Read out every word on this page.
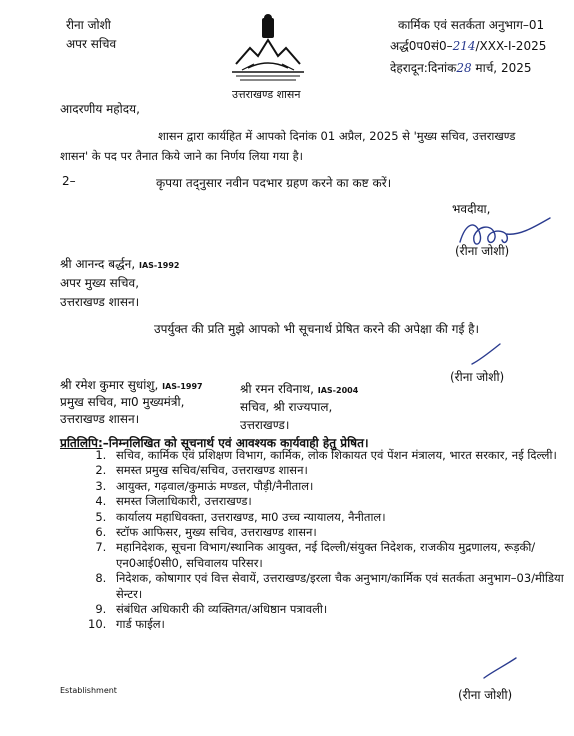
रीना जोशी
अपर सचिव
उत्तराखण्ड शासन
कार्मिक एवं सतर्कता अनुभाग–01
अर्द्ध0प0सं0–214/XXX-I-2025
देहरादून:दिनांक28 मार्च, 2025
आदरणीय महोदय,
शासन द्वारा कार्यहित में आपको दिनांक 01 अप्रैल, 2025 से 'मुख्य सचिव, उत्तराखण्ड शासन' के पद पर तैनात किये जाने का निर्णय लिया गया है।
2–	कृपया तद्नुसार नवीन पदभार ग्रहण करने का कष्ट करें।
भवदीया,
(रीना जोशी)
श्री आनन्द बर्द्धन, IAS-1992
अपर मुख्य सचिव,
उत्तराखण्ड शासन।
उपर्युक्त की प्रति मुझे आपको भी सूचनार्थ प्रेषित करने की अपेक्षा की गई है।
(रीना जोशी)
श्री रमेश कुमार सुधांशु, IAS-1997
प्रमुख सचिव, मा0 मुख्यमंत्री,
उत्तराखण्ड शासन।
श्री रमन रविनाथ, IAS-2004
सचिव, श्री राज्यपाल,
उत्तराखण्ड।
प्रतिलिपि:–निम्नलिखित को सूचनार्थ एवं आवश्यक कार्यवाही हेतु प्रेषित।
1. सचिव, कार्मिक एवं प्रशिक्षण विभाग, कार्मिक, लोक शिकायत एवं पेंशन मंत्रालय, भारत सरकार, नई दिल्ली।
2. समस्त प्रमुख सचिव/सचिव, उत्तराखण्ड शासन।
3. आयुक्त, गढ़वाल/कुमाऊं मण्डल, पौड़ी/नैनीताल।
4. समस्त जिलाधिकारी, उत्तराखण्ड।
5. कार्यालय महाधिवक्ता, उत्तराखण्ड, मा0 उच्च न्यायालय, नैनीताल।
6. स्टॉफ आफिसर, मुख्य सचिव, उत्तराखण्ड शासन।
7. महानिदेशक, सूचना विभाग/स्थानिक आयुक्त, नई दिल्ली/संयुक्त निदेशक, राजकीय मुद्रणालय, रूड़की/एन0आई0सी0, सचिवालय परिसर।
8. निदेशक, कोषागार एवं वित्त सेवायें, उत्तराखण्ड/इरला चैक अनुभाग/कार्मिक एवं सतर्कता अनुभाग–03/मीडिया सेन्टर।
9. संबंधित अधिकारी की व्यक्तिगत/अधिष्ठान पत्रावली।
10. गार्ड फाईल।
Establishment	(रीना जोशी)
